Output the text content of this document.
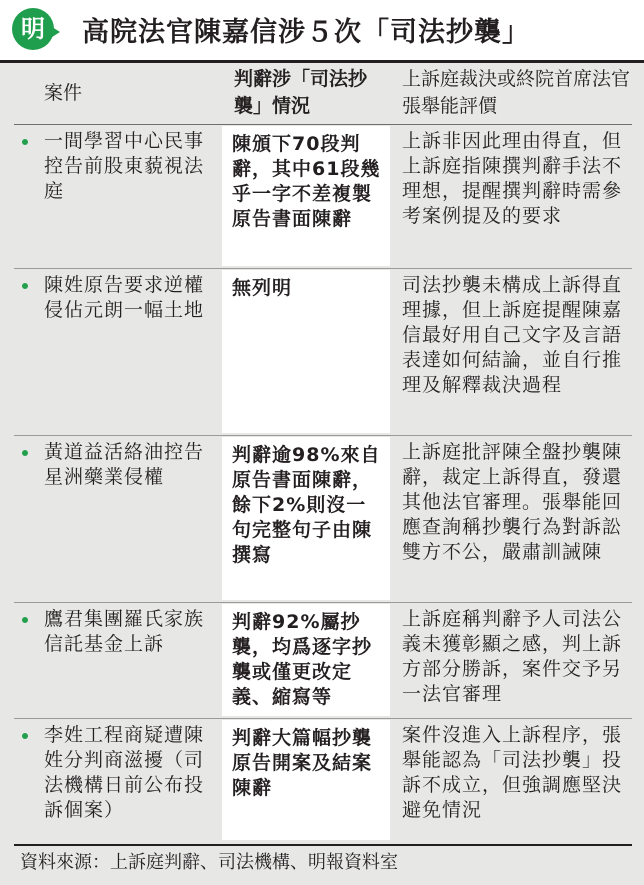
明	高院法官陳嘉信涉５次「司法抄襲」
案件
判辭涉「司法抄襲」情況
上訴庭裁決或終院首席法官張舉能評價
一間學習中心民事控告前股東藐視法庭
陳頒下70段判辭，其中61段幾乎一字不差複製原告書面陳辭
上訴非因此理由得直，但上訴庭指陳撰判辭手法不理想，提醒撰判辭時需參考案例提及的要求
陳姓原告要求逆權侵佔元朗一幅土地
無列明	司法抄襲未構成上訴得直理據，但上訴庭提醒陳嘉信最好用自己文字及言語表達如何結論，並自行推理及解釋裁決過程
黃道益活絡油控告星洲藥業侵權
判辭逾98%來自原告書面陳辭，餘下2%則沒一句完整句子由陳撰寫
上訴庭批評陳全盤抄襲陳辭，裁定上訴得直，發還其他法官審理。張舉能回應查詢稱抄襲行為對訴訟雙方不公，嚴肅訓誡陳
鷹君集團羅氏家族信託基金上訴
判辭92%屬抄襲，均爲逐字抄襲或僅更改定義、縮寫等
上訴庭稱判辭予人司法公義未獲彰顯之感，判上訴方部分勝訴，案件交予另一法官審理
李姓工程商疑遭陳姓分判商滋擾（司法機構日前公布投訴個案）
判辭大篇幅抄襲原告開案及結案陳辭
案件沒進入上訴程序，張舉能認為「司法抄襲」投訴不成立，但強調應堅決避免情況
資料來源：上訴庭判辭、司法機構、明報資料室
